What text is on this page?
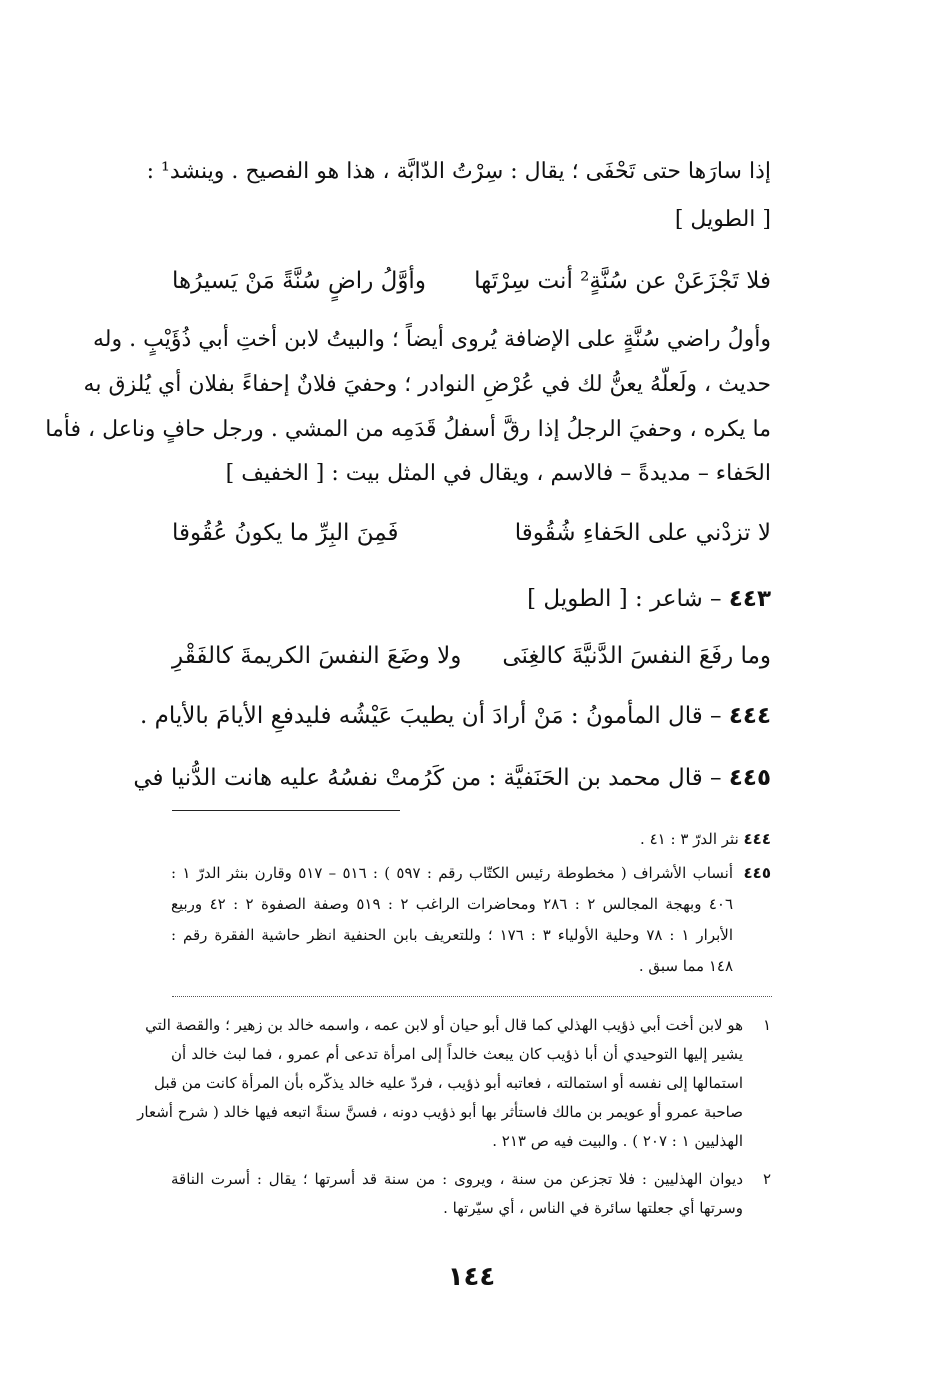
إذا سارَها حتى تَحْفَى ؛ يقال : سِرْتُ الدّابَّة ، هذا هو الفصيح . وينشد¹ :
[ الطويل ]
فلا تَجْزَعَنْ عن سُنَّةٍ² أنت سِرْتَها
وأوَّلُ راضٍ سُنَّةً مَنْ يَسيرُها
وأولُ راضي سُنَّةٍ على الإضافة يُروى أيضاً ؛ والبيتُ لابن أختِ أبي ذُؤَيْبٍ . وله
حديث ، ولَعلّهُ يعنُّ لك في عُرْضِ النوادر ؛ وحفيَ فلانٌ إحفاءً بفلان أي يُلزق به
ما يكره ، وحفيَ الرجلُ إذا رقَّ أسفلُ قَدَمِه من المشي . ورجل حافٍ وناعل ، فأما
الحَفاء – مديدةً – فالاسم ، ويقال في المثل بيت : [ الخفيف ]
لا تزدْني على الحَفاءِ شُقُوقا
فَمِنَ البِرِّ ما يكونُ عُقُوقا
٤٤٣ – شاعر : [ الطويل ]
وما رفَعَ النفسَ الدَّنيَّةَ كالغِنَى
ولا وضَعَ النفسَ الكريمةَ كالفَقْرِ
٤٤٤ – قال المأمونُ : مَنْ أرادَ أن يطيبَ عَيْشُه فليدفعِ الأيامَ بالأيام .
٤٤٥ – قال محمد بن الحَنَفيَّة : من كَرُمتْ نفسُهُ عليه هانت الدُّنيا في
٤٤٤ نثر الدرّ ٣ : ٤١ .
٤٤٥
أنساب الأشراف ( مخطوطة رئيس الكتّاب رقم : ٥٩٧ ) : ٥١٦ – ٥١٧ وقارن بنثر الدرّ ١ :
٤٠٦ وبهجة المجالس ٢ : ٢٨٦ ومحاضرات الراغب ٢ : ٥١٩ وصفة الصفوة ٢ : ٤٢ وربيع
الأبرار ١ : ٧٨ وحلية الأولياء ٣ : ١٧٦ ؛ وللتعريف بابن الحنفية انظر حاشية الفقرة رقم :
١٤٨ مما سبق .
١
هو لابن أخت أبي ذؤيب الهذلي كما قال أبو حيان أو لابن عمه ، واسمه خالد بن زهير ؛ والقصة التي
يشير إليها التوحيدي أن أبا ذؤيب كان يبعث خالداً إلى امرأة تدعى أم عمرو ، فما لبث خالد أن
استمالها إلى نفسه أو استمالته ، فعاتبه أبو ذؤيب ، فردّ عليه خالد يذكّره بأن المرأة كانت من قبل
صاحبة عمرو أو عويمر بن مالك فاستأثر بها أبو ذؤيب دونه ، فسنَّ سنةً اتبعه فيها خالد ( شرح أشعار
الهذليين ١ : ٢٠٧ ) . والبيت فيه ص ٢١٣ .
٢
ديوان الهذليين : فلا تجزعن من سنة ، ويروى : من سنة قد أسرتها ؛ يقال : أسرت الناقة
وسرتها أي جعلتها سائرة في الناس ، أي سيّرتها .
١٤٤
